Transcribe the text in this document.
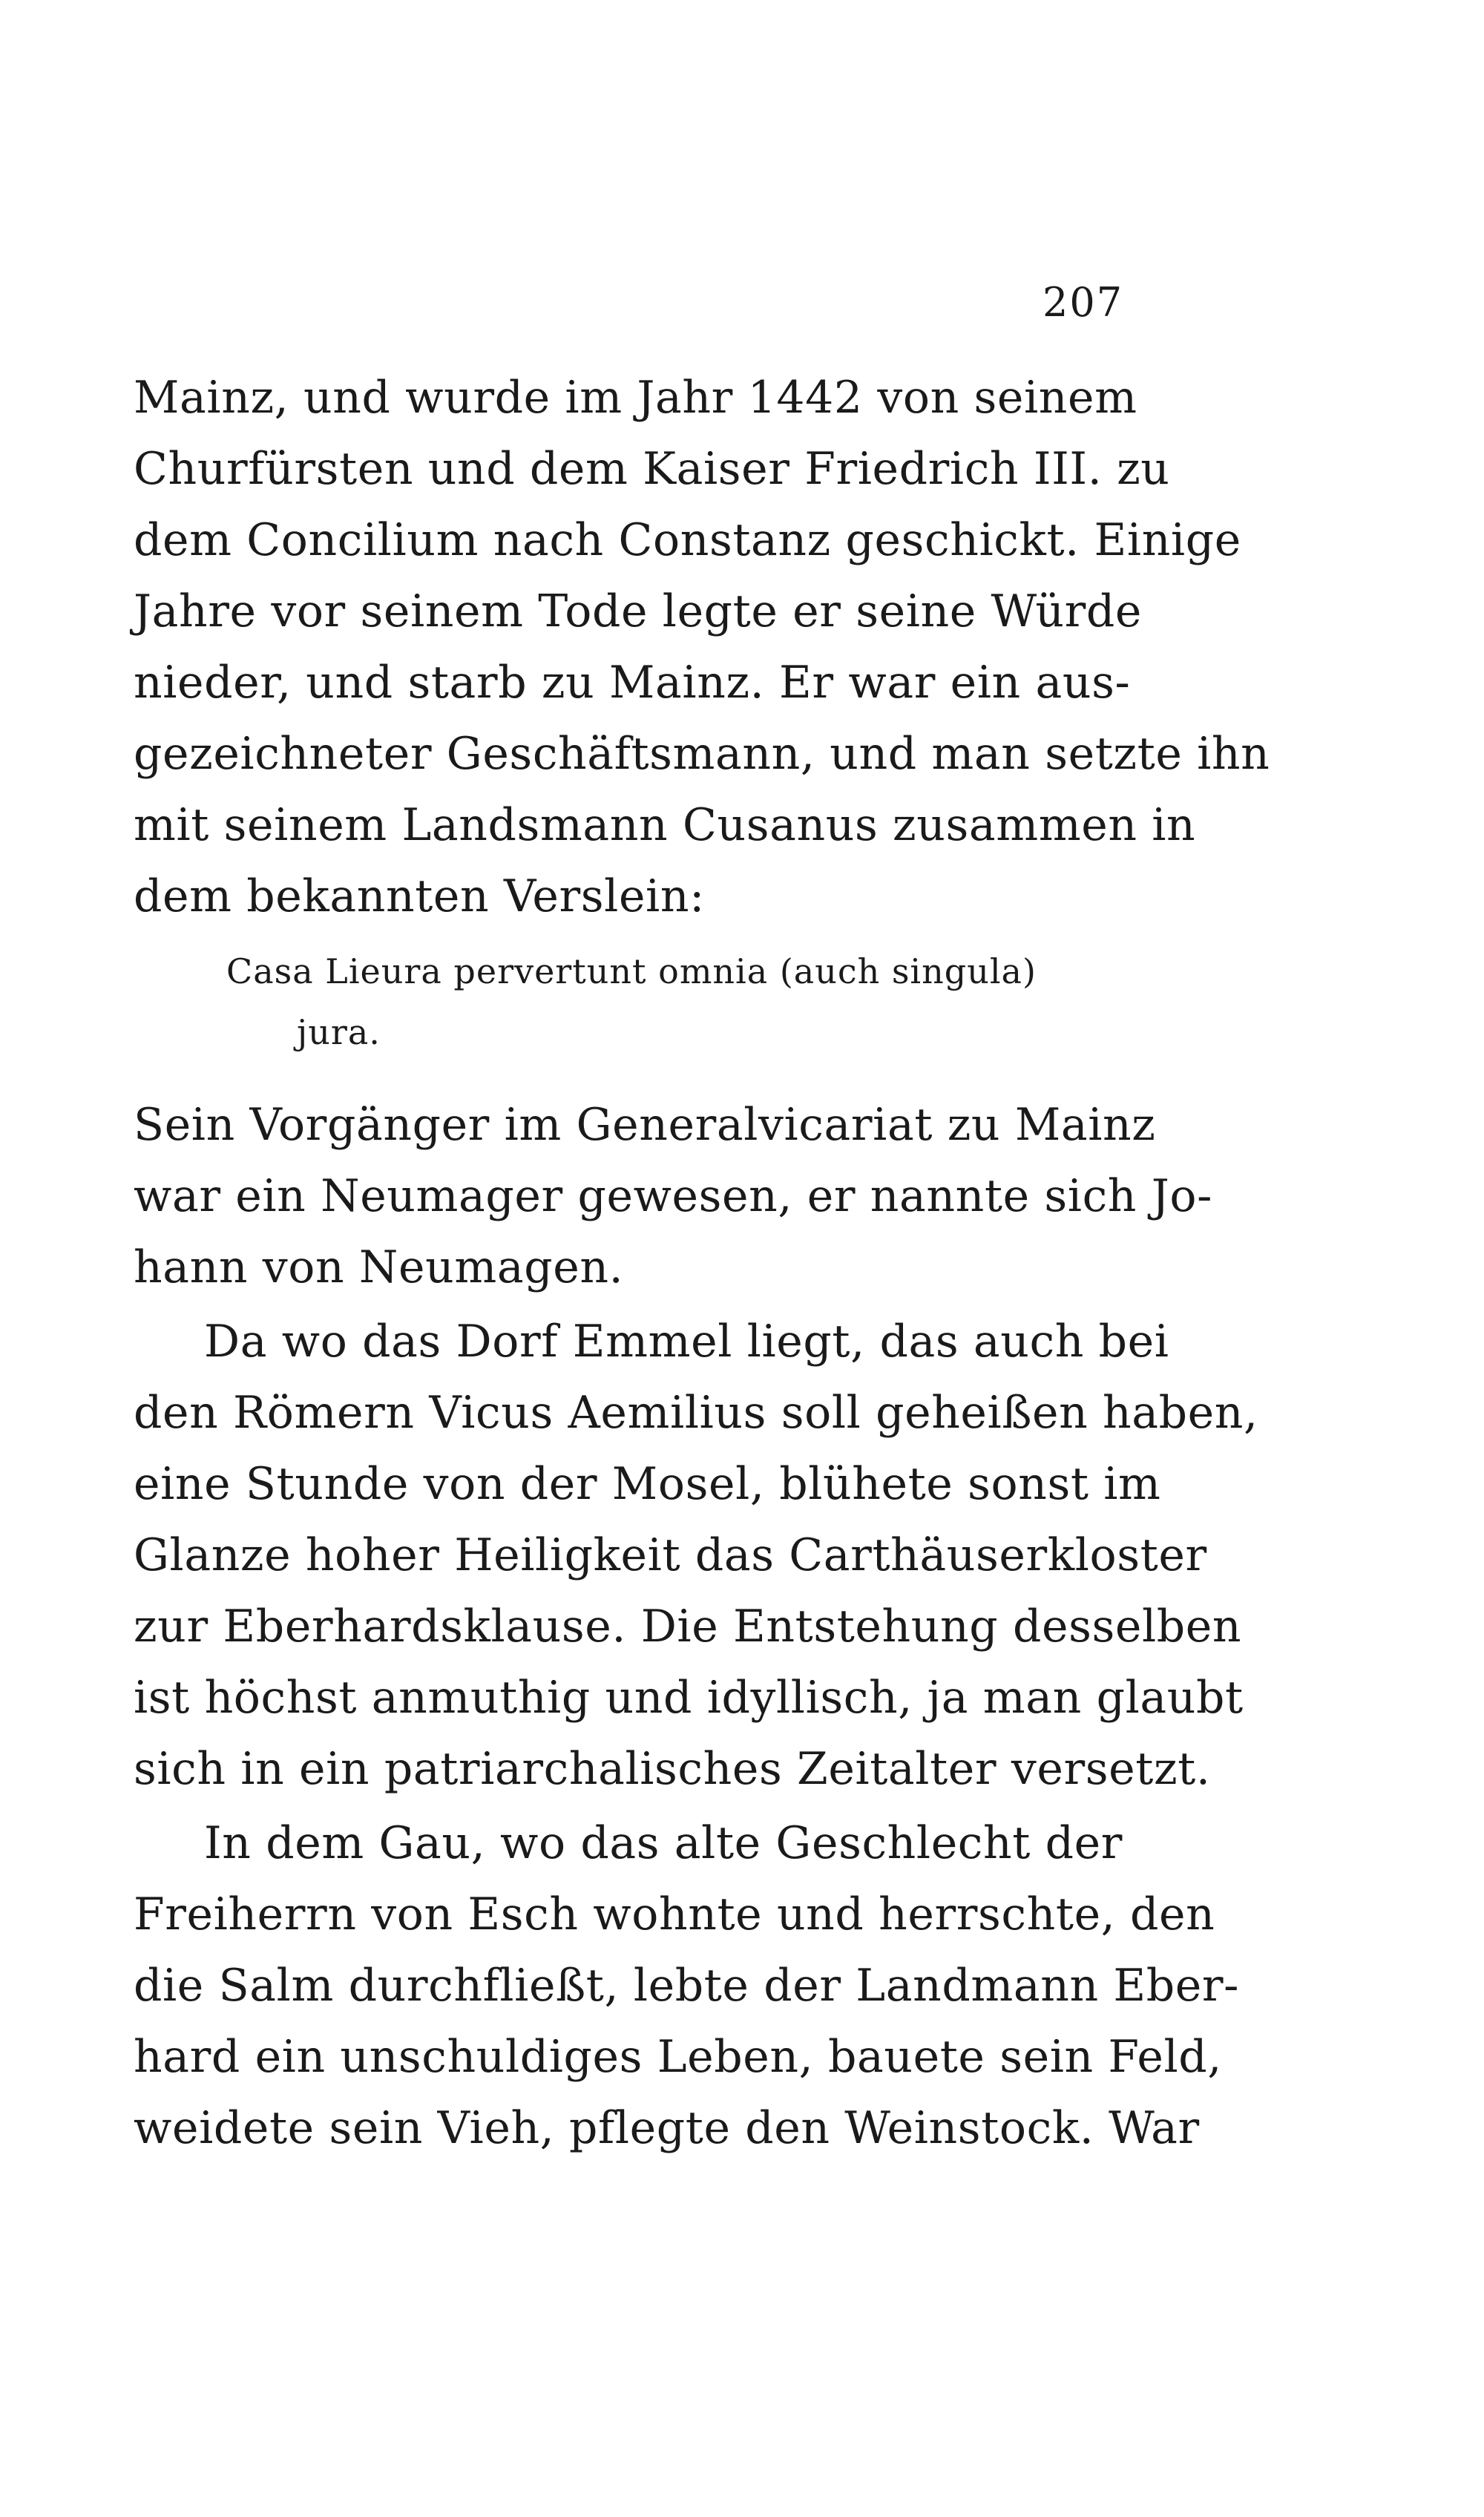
207
Mainz, und wurde im Jahr 1442 von seinem
Churfürsten und dem Kaiser Friedrich III. zu
dem Concilium nach Constanz geschickt. Einige
Jahre vor seinem Tode legte er seine Würde
nieder, und starb zu Mainz. Er war ein aus-
gezeichneter Geschäftsmann, und man setzte ihn
mit seinem Landsmann Cusanus zusammen in
dem bekannten Verslein:
Casa Lieura pervertunt omnia (auch singula)
jura.
Sein Vorgänger im Generalvicariat zu Mainz
war ein Neumager gewesen, er nannte sich Jo-
hann von Neumagen.
Da wo das Dorf Emmel liegt, das auch bei
den Römern Vicus Aemilius soll geheißen haben,
eine Stunde von der Mosel, blühete sonst im
Glanze hoher Heiligkeit das Carthäuserkloster
zur Eberhardsklause. Die Entstehung desselben
ist höchst anmuthig und idyllisch, ja man glaubt
sich in ein patriarchalisches Zeitalter versetzt.
In dem Gau, wo das alte Geschlecht der
Freiherrn von Esch wohnte und herrschte, den
die Salm durchfließt, lebte der Landmann Eber-
hard ein unschuldiges Leben, bauete sein Feld,
weidete sein Vieh, pflegte den Weinstock. War
